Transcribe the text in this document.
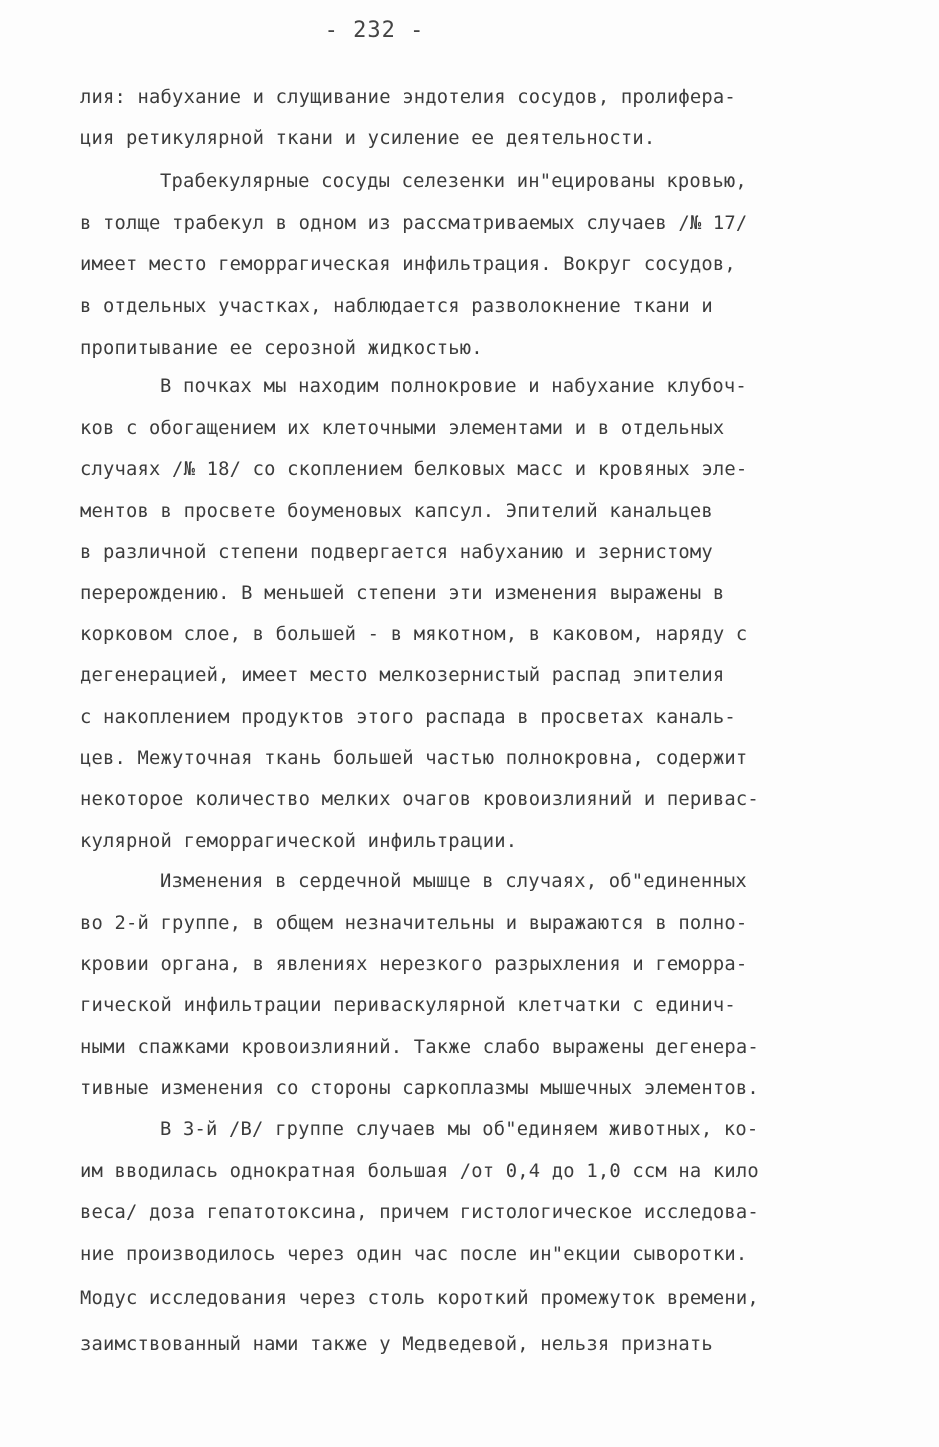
- 232 -
лия: набухание и слущивание эндотелия сосудов, пролифера-
ция ретикулярной ткани и усиление ее деятельности.
Трабекулярные сосуды селезенки ин"ецированы кровью,
в толще трабекул в одном из рассматриваемых случаев /№ 17/
имеет место геморрагическая инфильтрация. Вокруг сосудов,
в отдельных участках, наблюдается разволокнение ткани и
пропитывание ее серозной жидкостью.
В почках мы находим полнокровие и набухание клубоч-
ков с обогащением их клеточными элементами и в отдельных
случаях /№ 18/ со скоплением белковых масс и кровяных эле-
ментов в просвете боуменовых капсул. Эпителий канальцев
в различной степени подвергается набуханию и зернистому
перерождению. В меньшей степени эти изменения выражены в
корковом слое, в большей - в мякотном, в каковом, наряду с
дегенерацией, имеет место мелкозернистый распад эпителия
с накоплением продуктов этого распада в просветах каналь-
цев. Межуточная ткань большей частью полнокровна, содержит
некоторое количество мелких очагов кровоизлияний и перивас-
кулярной геморрагической инфильтрации.
Изменения в сердечной мышце в случаях, об"единенных
во 2-й группе, в общем незначительны и выражаются в полно-
кровии органа, в явлениях нерезкого разрыхления и геморра-
гической инфильтрации периваскулярной клетчатки с единич-
ными спажками кровоизлияний. Также слабо выражены дегенера-
тивные изменения со стороны саркоплазмы мышечных элементов.
В 3-й /В/ группе случаев мы об"единяем животных, ко-
им вводилась однократная большая /от 0,4 до 1,0 ссм на кило
веса/ доза гепатотоксина, причем гистологическое исследова-
ние производилось через один час после ин"екции сыворотки.
Модус исследования через столь короткий промежуток времени,
заимствованный нами также у Медведевой, нельзя признать
